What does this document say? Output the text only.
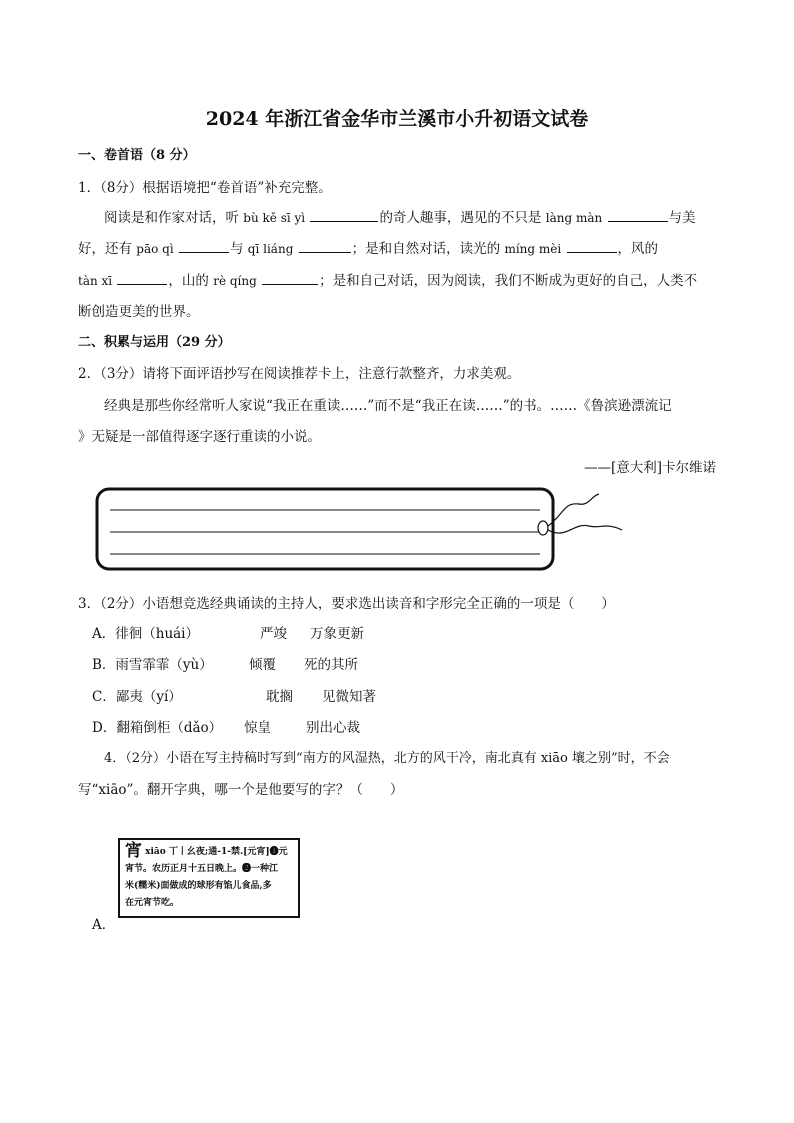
2024 年浙江省金华市兰溪市小升初语文试卷
一、卷首语（8 分）
1．（8分）根据语境把“卷首语”补充完整。
阅读是和作家对话，听 bù kě sī yì	的奇人趣事，遇见的不只是 làng màn	与美
好，还有 pāo qì	与 qī liáng	；是和自然对话，读光的 míng mèi	，风的
tàn xī	，山的 rè qíng	；是和自己对话，因为阅读，我们不断成为更好的自己，人类不
断创造更美的世界。
二、积累与运用（29 分）
2．（3分）请将下面评语抄写在阅读推荐卡上，注意行款整齐，力求美观。
经典是那些你经常听人家说“我正在重读……”而不是“我正在读……”的书。……《鲁滨逊漂流记
》无疑是一部值得逐字逐行重读的小说。
——[意大利]卡尔维诺
3．（2分）小语想竞选经典诵读的主持人，要求选出读音和字形完全正确的一项是（　　）
A．徘徊（huái）	严竣 万象更新
B．雨雪霏霏（yù）	倾覆 死的其所
C．鄙夷（yí）	耽搁 见微知著
D．翻箱倒柜（dǎo） 惊皇	别出心裁
4．（2分）小语在写主持稿时写到“南方的风湿热，北方的风干冷，南北真有 xiāo 壤之别”时，不会
写“xiāo”。翻开字典，哪一个是他要写的字？（　　）
A．
宵 xiāo 丅丨幺夜;通-1-禁.[元宵]❶元
宵节。农历正月十五日晚上。❷一种江
米(糯米)面做成的球形有馅儿食品,多
在元宵节吃。
